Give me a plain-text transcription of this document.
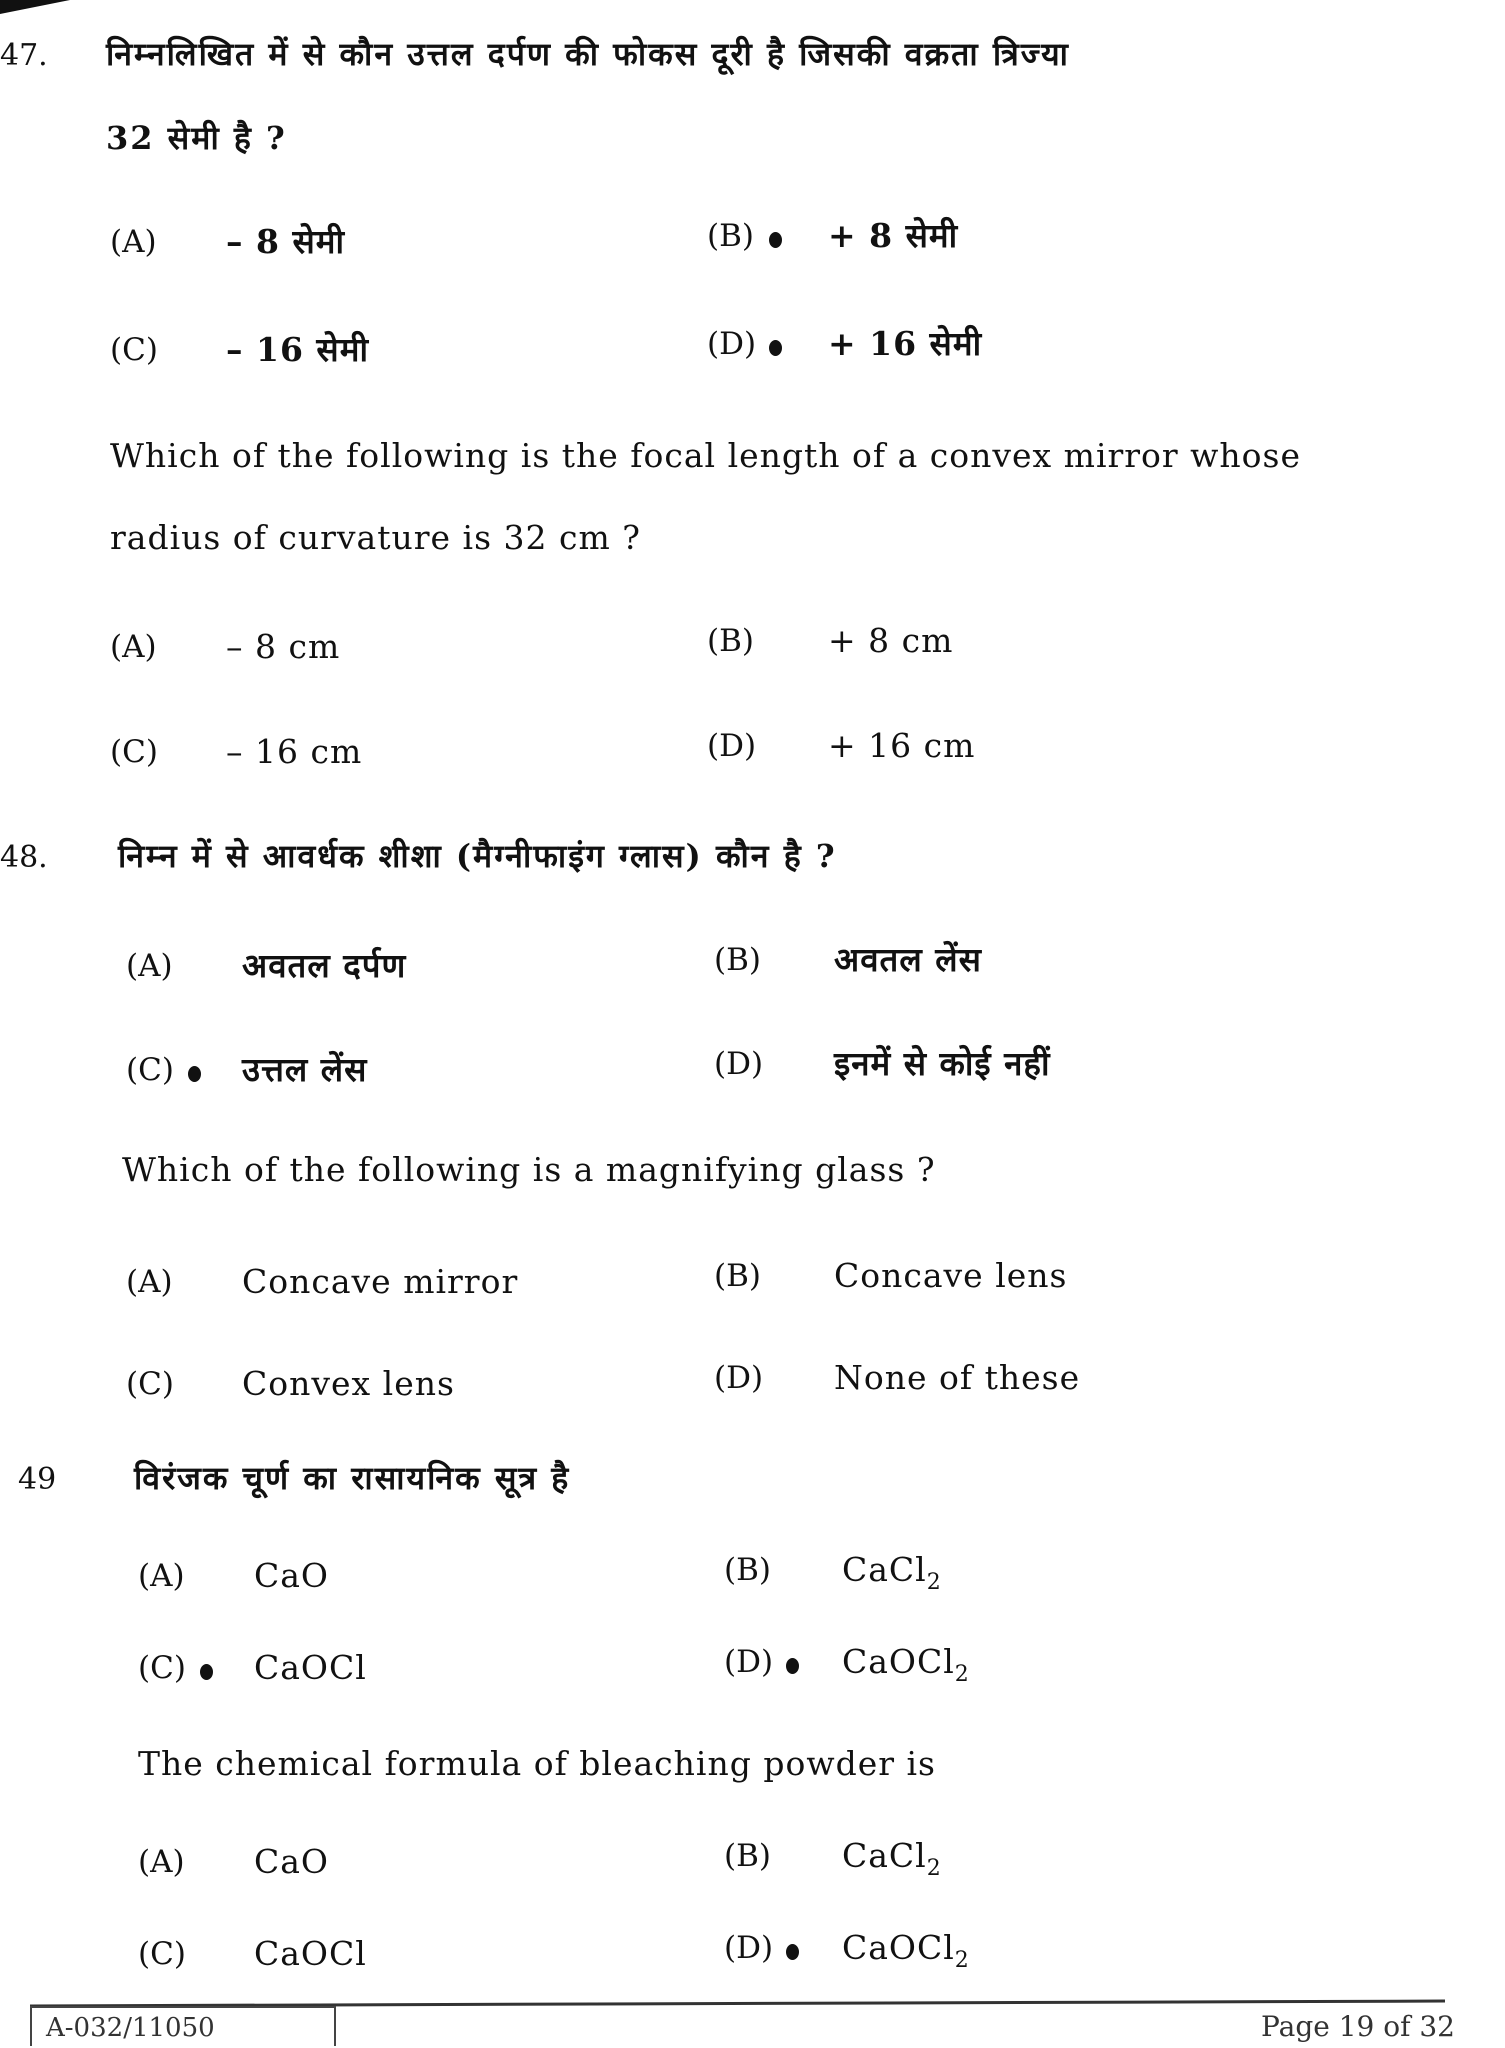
47. निम्नलिखित में से कौन उत्तल दर्पण की फोकस दूरी है जिसकी वक्रता त्रिज्या
32 सेमी है ?
(A) – 8 सेमी	(B) + 8 सेमी
(C) – 16 सेमी	(D) + 16 सेमी
Which of the following is the focal length of a convex mirror whose
radius of curvature is 32 cm ?
(A) – 8 cm	(B) + 8 cm
(C) – 16 cm	(D) + 16 cm
48. निम्न में से आवर्धक शीशा (मैग्नीफाइंग ग्लास) कौन है ?
(A) अवतल दर्पण	(B) अवतल लेंस
(C) उत्तल लेंस	(D) इनमें से कोई नहीं
Which of the following is a magnifying glass ?
(A) Concave mirror	(B) Concave lens
(C) Convex lens	(D) None of these
49 विरंजक चूर्ण का रासायनिक सूत्र है
(A) CaO	(B) CaCl$_2$
(C) CaOCl	(D) CaOCl$_2$
The chemical formula of bleaching powder is
(A) CaO	(B) CaCl$_2$
(C) CaOCl	(D) CaOCl$_2$
A-032/11050	Page 19 of 32
